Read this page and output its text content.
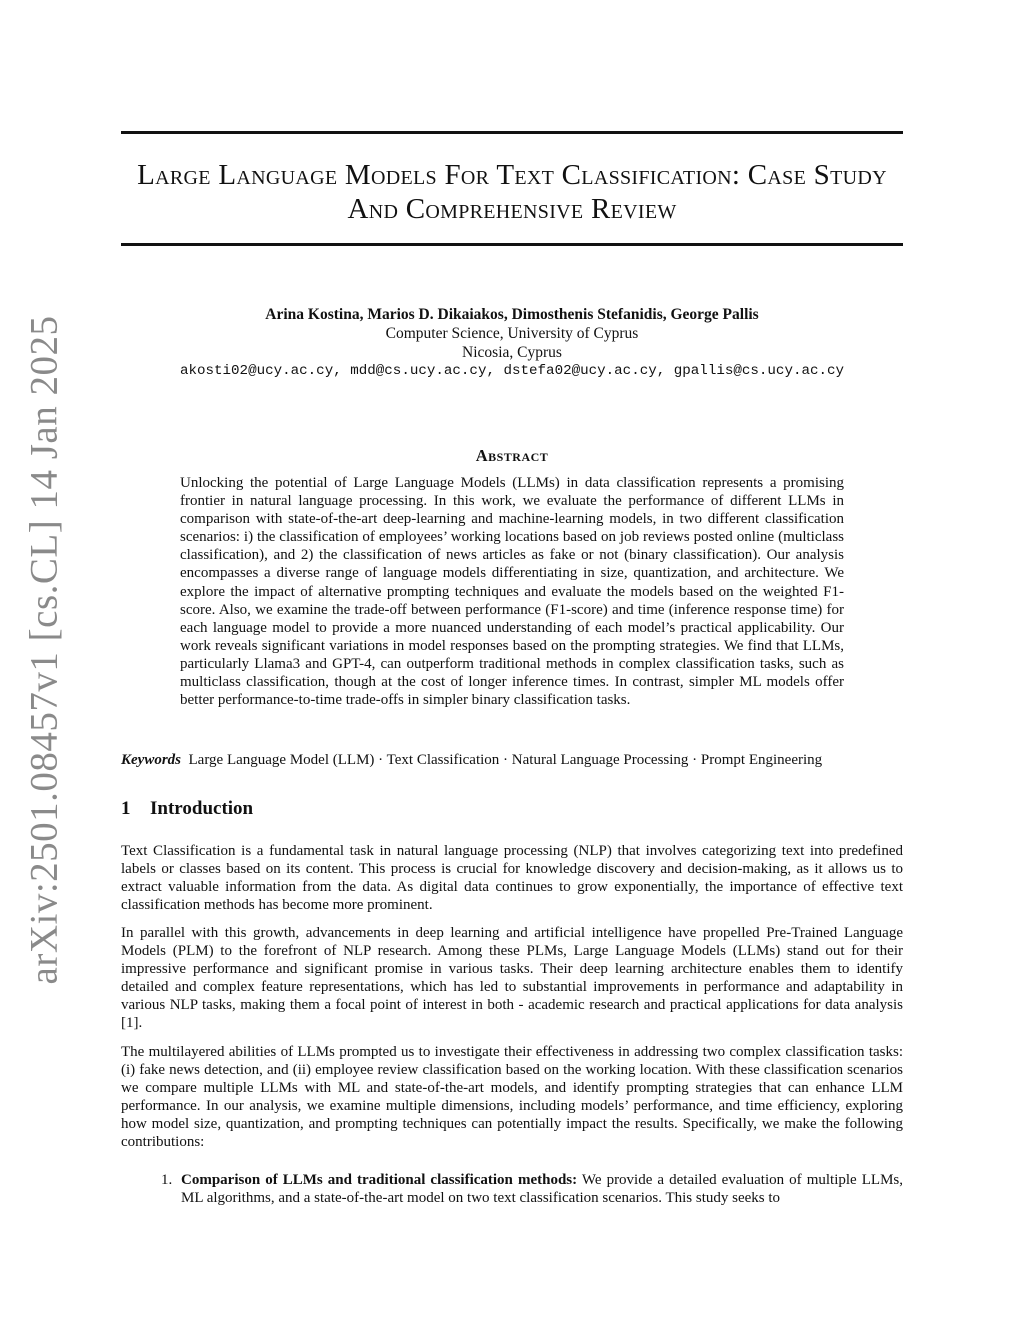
arXiv:2501.08457v1 [cs.CL] 14 Jan 2025
Large Language Models For Text Classification: Case Study And Comprehensive Review
Arina Kostina, Marios D. Dikaiakos, Dimosthenis Stefanidis, George Pallis
Computer Science, University of Cyprus
Nicosia, Cyprus
akosti02@ucy.ac.cy, mdd@cs.ucy.ac.cy, dstefa02@ucy.ac.cy, gpallis@cs.ucy.ac.cy
Abstract
Unlocking the potential of Large Language Models (LLMs) in data classification represents a promising frontier in natural language processing. In this work, we evaluate the performance of different LLMs in comparison with state-of-the-art deep-learning and machine-learning models, in two different classification scenarios: i) the classification of employees’ working locations based on job reviews posted online (multiclass classification), and 2) the classification of news articles as fake or not (binary classification). Our analysis encompasses a diverse range of language models differentiating in size, quantization, and architecture. We explore the impact of alternative prompting techniques and evaluate the models based on the weighted F1-score. Also, we examine the trade-off between performance (F1-score) and time (inference response time) for each language model to provide a more nuanced understanding of each model’s practical applicability. Our work reveals significant variations in model responses based on the prompting strategies. We find that LLMs, particularly Llama3 and GPT-4, can outperform traditional methods in complex classification tasks, such as multiclass classification, though at the cost of longer inference times. In contrast, simpler ML models offer better performance-to-time trade-offs in simpler binary classification tasks.
Keywords Large Language Model (LLM) · Text Classification · Natural Language Processing · Prompt Engineering
1 Introduction

Text Classification is a fundamental task in natural language processing (NLP) that involves categorizing text into predefined labels or classes based on its content. This process is crucial for knowledge discovery and decision-making, as it allows us to extract valuable information from the data. As digital data continues to grow exponentially, the importance of effective text classification methods has become more prominent.

In parallel with this growth, advancements in deep learning and artificial intelligence have propelled Pre-Trained Language Models (PLM) to the forefront of NLP research. Among these PLMs, Large Language Models (LLMs) stand out for their impressive performance and significant promise in various tasks. Their deep learning architecture enables them to identify detailed and complex feature representations, which has led to substantial improvements in performance and adaptability in various NLP tasks, making them a focal point of interest in both - academic research and practical applications for data analysis [1].

The multilayered abilities of LLMs prompted us to investigate their effectiveness in addressing two complex classification tasks: (i) fake news detection, and (ii) employee review classification based on the working location. With these classification scenarios we compare multiple LLMs with ML and state-of-the-art models, and identify prompting strategies that can enhance LLM performance. In our analysis, we examine multiple dimensions, including models’ performance, and time efficiency, exploring how model size, quantization, and prompting techniques can potentially impact the results. Specifically, we make the following contributions:

1. Comparison of LLMs and traditional classification methods: We provide a detailed evaluation of multiple LLMs, ML algorithms, and a state-of-the-art model on two text classification scenarios. This study seeks to
